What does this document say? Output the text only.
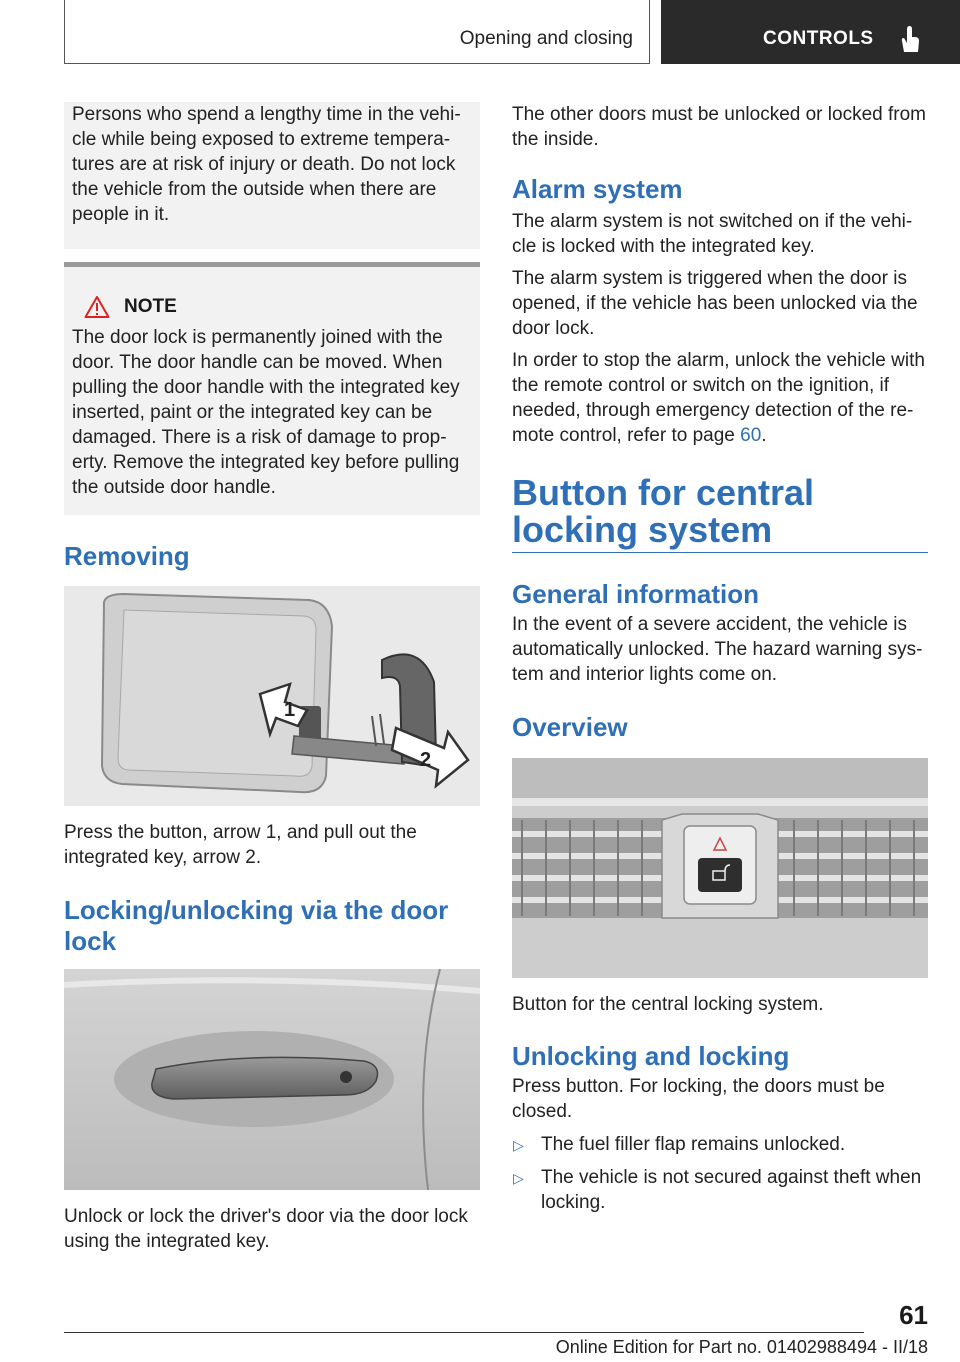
Opening and closing	CONTROLS

Persons who spend a lengthy time in the vehi-cle while being exposed to extreme tempera-tures are at risk of injury or death. Do not lock the vehicle from the outside when there are people in it.

NOTE

The door lock is permanently joined with the door. The door handle can be moved. When pulling the door handle with the integrated key inserted, paint or the integrated key can be damaged. There is a risk of damage to prop-erty. Remove the integrated key before pulling the outside door handle.

Removing
1
2

Press the button, arrow 1, and pull out the integrated key, arrow 2.

Locking/unlocking via the door lock

Unlock or lock the driver's door via the door lock using the integrated key.

The other doors must be unlocked or locked from the inside.

Alarm system

The alarm system is not switched on if the vehi-cle is locked with the integrated key.

The alarm system is triggered when the door is opened, if the vehicle has been unlocked via the door lock.

In order to stop the alarm, unlock the vehicle with the remote control or switch on the ignition, if needed, through emergency detection of the re-mote control, refer to page 60.

Button for central locking system
General information

In the event of a severe accident, the vehicle is automatically unlocked. The hazard warning sys-tem and interior lights come on.

Overview

Button for the central locking system.

Unlocking and locking

Press button. For locking, the doors must be closed.

▷ The fuel filler flap remains unlocked.
▷ The vehicle is not secured against theft when locking.
61
Online Edition for Part no. 01402988494 - II/18
